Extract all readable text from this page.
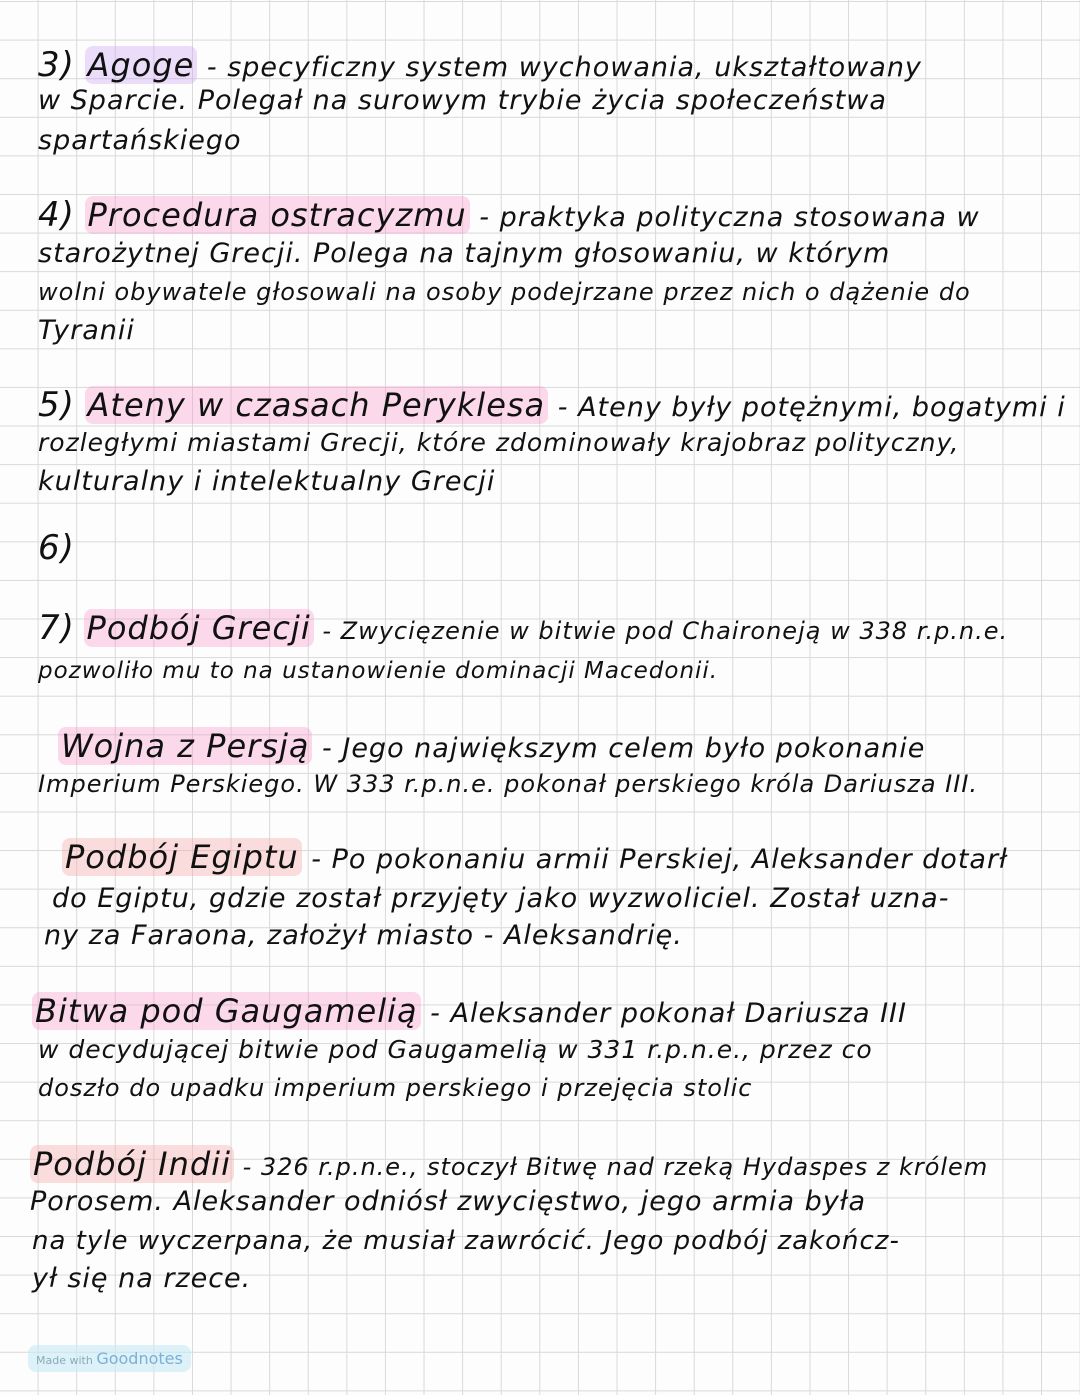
3) Agoge - specyficzny system wychowania, ukształtowany
w Sparcie. Polegał na surowym trybie życia społeczeństwa
spartańskiego
4) Procedura ostracyzmu - praktyka polityczna stosowana w
starożytnej Grecji. Polega na tajnym głosowaniu, w którym
wolni obywatele głosowali na osoby podejrzane przez nich o dążenie do
Tyranii
5) Ateny w czasach Peryklesa - Ateny były potężnymi, bogatymi i
rozległymi miastami Grecji, które zdominowały krajobraz polityczny,
kulturalny i intelektualny Grecji
6)
7) Podbój Grecji - Zwycięzenie w bitwie pod Chaironeją w 338 r.p.n.e.
pozwoliło mu to na ustanowienie dominacji Macedonii.
Wojna z Persją - Jego największym celem było pokonanie
Imperium Perskiego. W 333 r.p.n.e. pokonał perskiego króla Dariusza III.
Podbój Egiptu - Po pokonaniu armii Perskiej, Aleksander dotarł
do Egiptu, gdzie został przyjęty jako wyzwoliciel. Został uzna-
ny za Faraona, założył miasto - Aleksandrię.
Bitwa pod Gaugamelią - Aleksander pokonał Dariusza III
w decydującej bitwie pod Gaugamelią w 331 r.p.n.e., przez co
doszło do upadku imperium perskiego i przejęcia stolic
Podbój Indii - 326 r.p.n.e., stoczył Bitwę nad rzeką Hydaspes z królem
Porosem. Aleksander odniósł zwycięstwo, jego armia była
na tyle wyczerpana, że musiał zawrócić. Jego podbój zakończ-
ył się na rzece.
Made with Goodnotes
